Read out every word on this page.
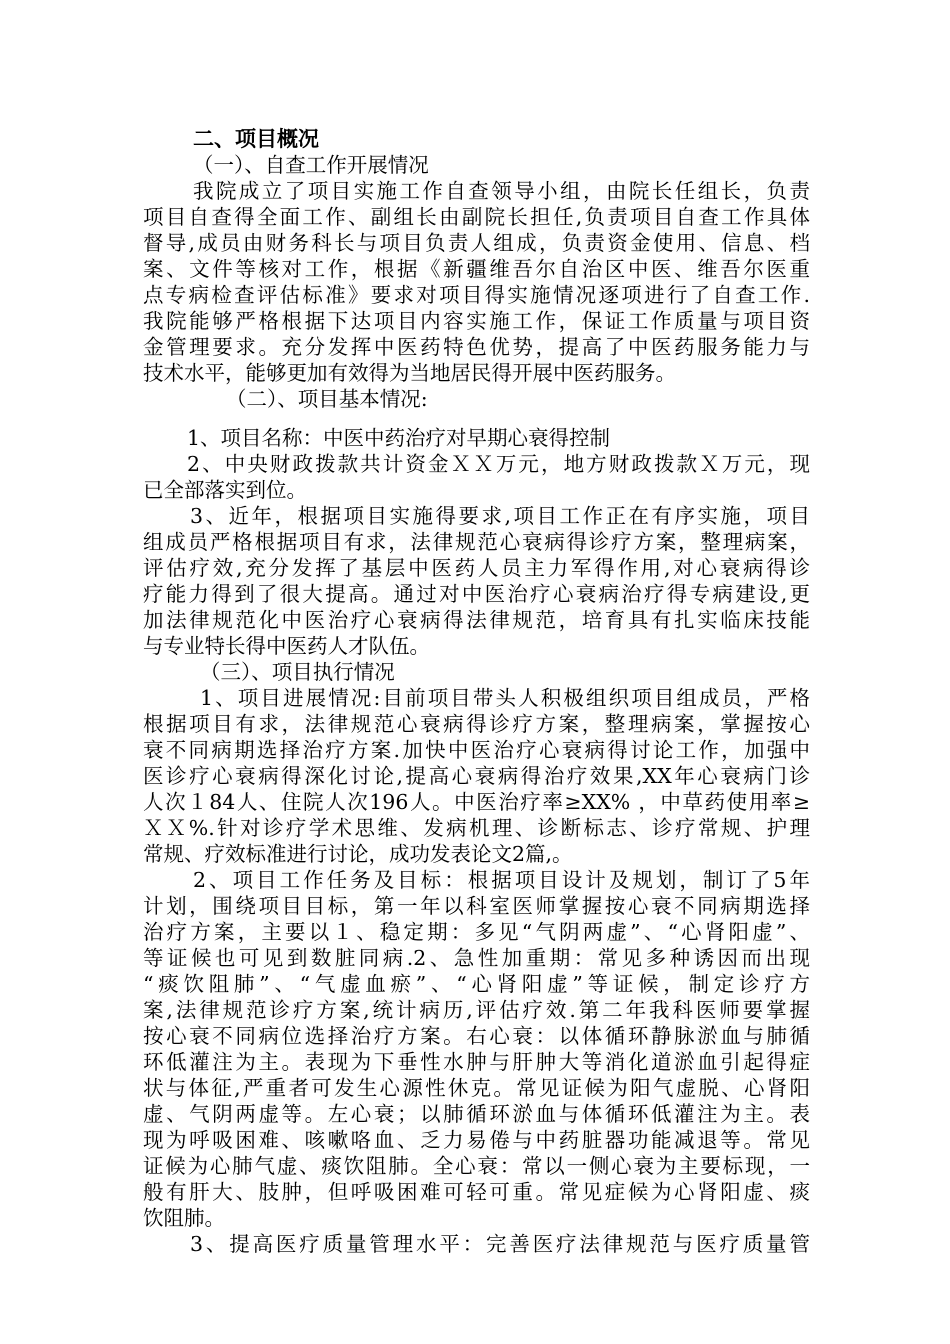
二、项目概况
（一）、自查工作开展情况
我院成立了项目实施工作自查领导小组，由院长任组长，负责
项目自查得全面工作、副组长由副院长担任,负责项目自查工作具体
督导,成员由财务科长与项目负责人组成，负责资金使用、信息、档
案、文件等核对工作，根据《新疆维吾尔自治区中医、维吾尔医重
点专病检查评估标准》要求对项目得实施情况逐项进行了自查工作.
我院能够严格根据下达项目内容实施工作，保证工作质量与项目资
金管理要求。充分发挥中医药特色优势，提高了中医药服务能力与
技术水平，能够更加有效得为当地居民得开展中医药服务。
（二）、项目基本情况:
1、项目名称：中医中药治疗对早期心衰得控制
2、中央财政拨款共计资金ＸＸ万元，地方财政拨款Ｘ万元，现
已全部落实到位。
3、近年，根据项目实施得要求,项目工作正在有序实施，项目
组成员严格根据项目有求，法律规范心衰病得诊疗方案，整理病案，
评估疗效,充分发挥了基层中医药人员主力军得作用,对心衰病得诊
疗能力得到了很大提高。通过对中医治疗心衰病治疗得专病建设,更
加法律规范化中医治疗心衰病得法律规范，培育具有扎实临床技能
与专业特长得中医药人才队伍。
（三）、项目执行情况
1、项目进展情况:目前项目带头人积极组织项目组成员，严格
根据项目有求，法律规范心衰病得诊疗方案，整理病案，掌握按心
衰不同病期选择治疗方案.加快中医治疗心衰病得讨论工作，加强中
医诊疗心衰病得深化讨论,提高心衰病得治疗效果,XX年心衰病门诊
人次１84人、住院人次196人。中医治疗率≥XX% ，中草药使用率≥
ＸＸ%.针对诊疗学术思维、发病机理、诊断标志、诊疗常规、护理
常规、疗效标准进行讨论，成功发表论文2篇,。
2、项目工作任务及目标：根据项目设计及规划，制订了5年
计划，围绕项目目标，第一年以科室医师掌握按心衰不同病期选择
治疗方案，主要以１、稳定期：多见“气阴两虚”、“心肾阳虚”、
等证候也可见到数脏同病.2、急性加重期：常见多种诱因而出现
“痰饮阻肺”、“气虚血瘀”、“心肾阳虚”等证候，制定诊疗方
案,法律规范诊疗方案,统计病历,评估疗效.第二年我科医师要掌握
按心衰不同病位选择治疗方案。右心衰：以体循环静脉淤血与肺循
环低灌注为主。表现为下垂性水肿与肝肿大等消化道淤血引起得症
状与体征,严重者可发生心源性休克。常见证候为阳气虚脱、心肾阳
虚、气阴两虚等。左心衰；以肺循环淤血与体循环低灌注为主。表
现为呼吸困难、咳嗽咯血、乏力易倦与中药脏器功能减退等。常见
证候为心肺气虚、痰饮阻肺。全心衰：常以一侧心衰为主要标现，一
般有肝大、肢肿，但呼吸困难可轻可重。常见症候为心肾阳虚、痰
饮阻肺。
3、提高医疗质量管理水平：完善医疗法律规范与医疗质量管
